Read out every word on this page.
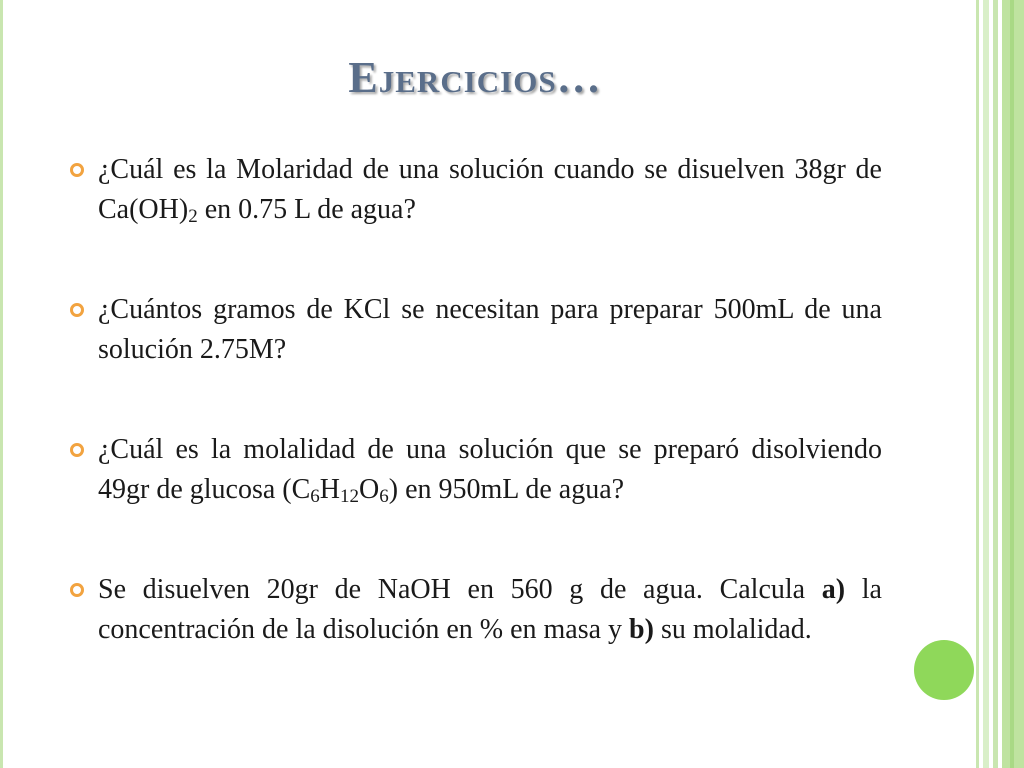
Ejercicios…
¿Cuál es la Molaridad de una solución cuando se disuelven 38gr de $Ca(OH)_2$ en 0.75 L de agua?
¿Cuántos gramos de KCl se necesitan para preparar 500mL de una solución 2.75M?
¿Cuál es la molalidad de una solución que se preparó disolviendo 49gr de glucosa $(C_6H_{12}O_6)$ en 950mL de agua?
Se disuelven 20gr de NaOH en 560 g de agua. Calcula a) la concentración de la disolución en % en masa y b) su molalidad.
